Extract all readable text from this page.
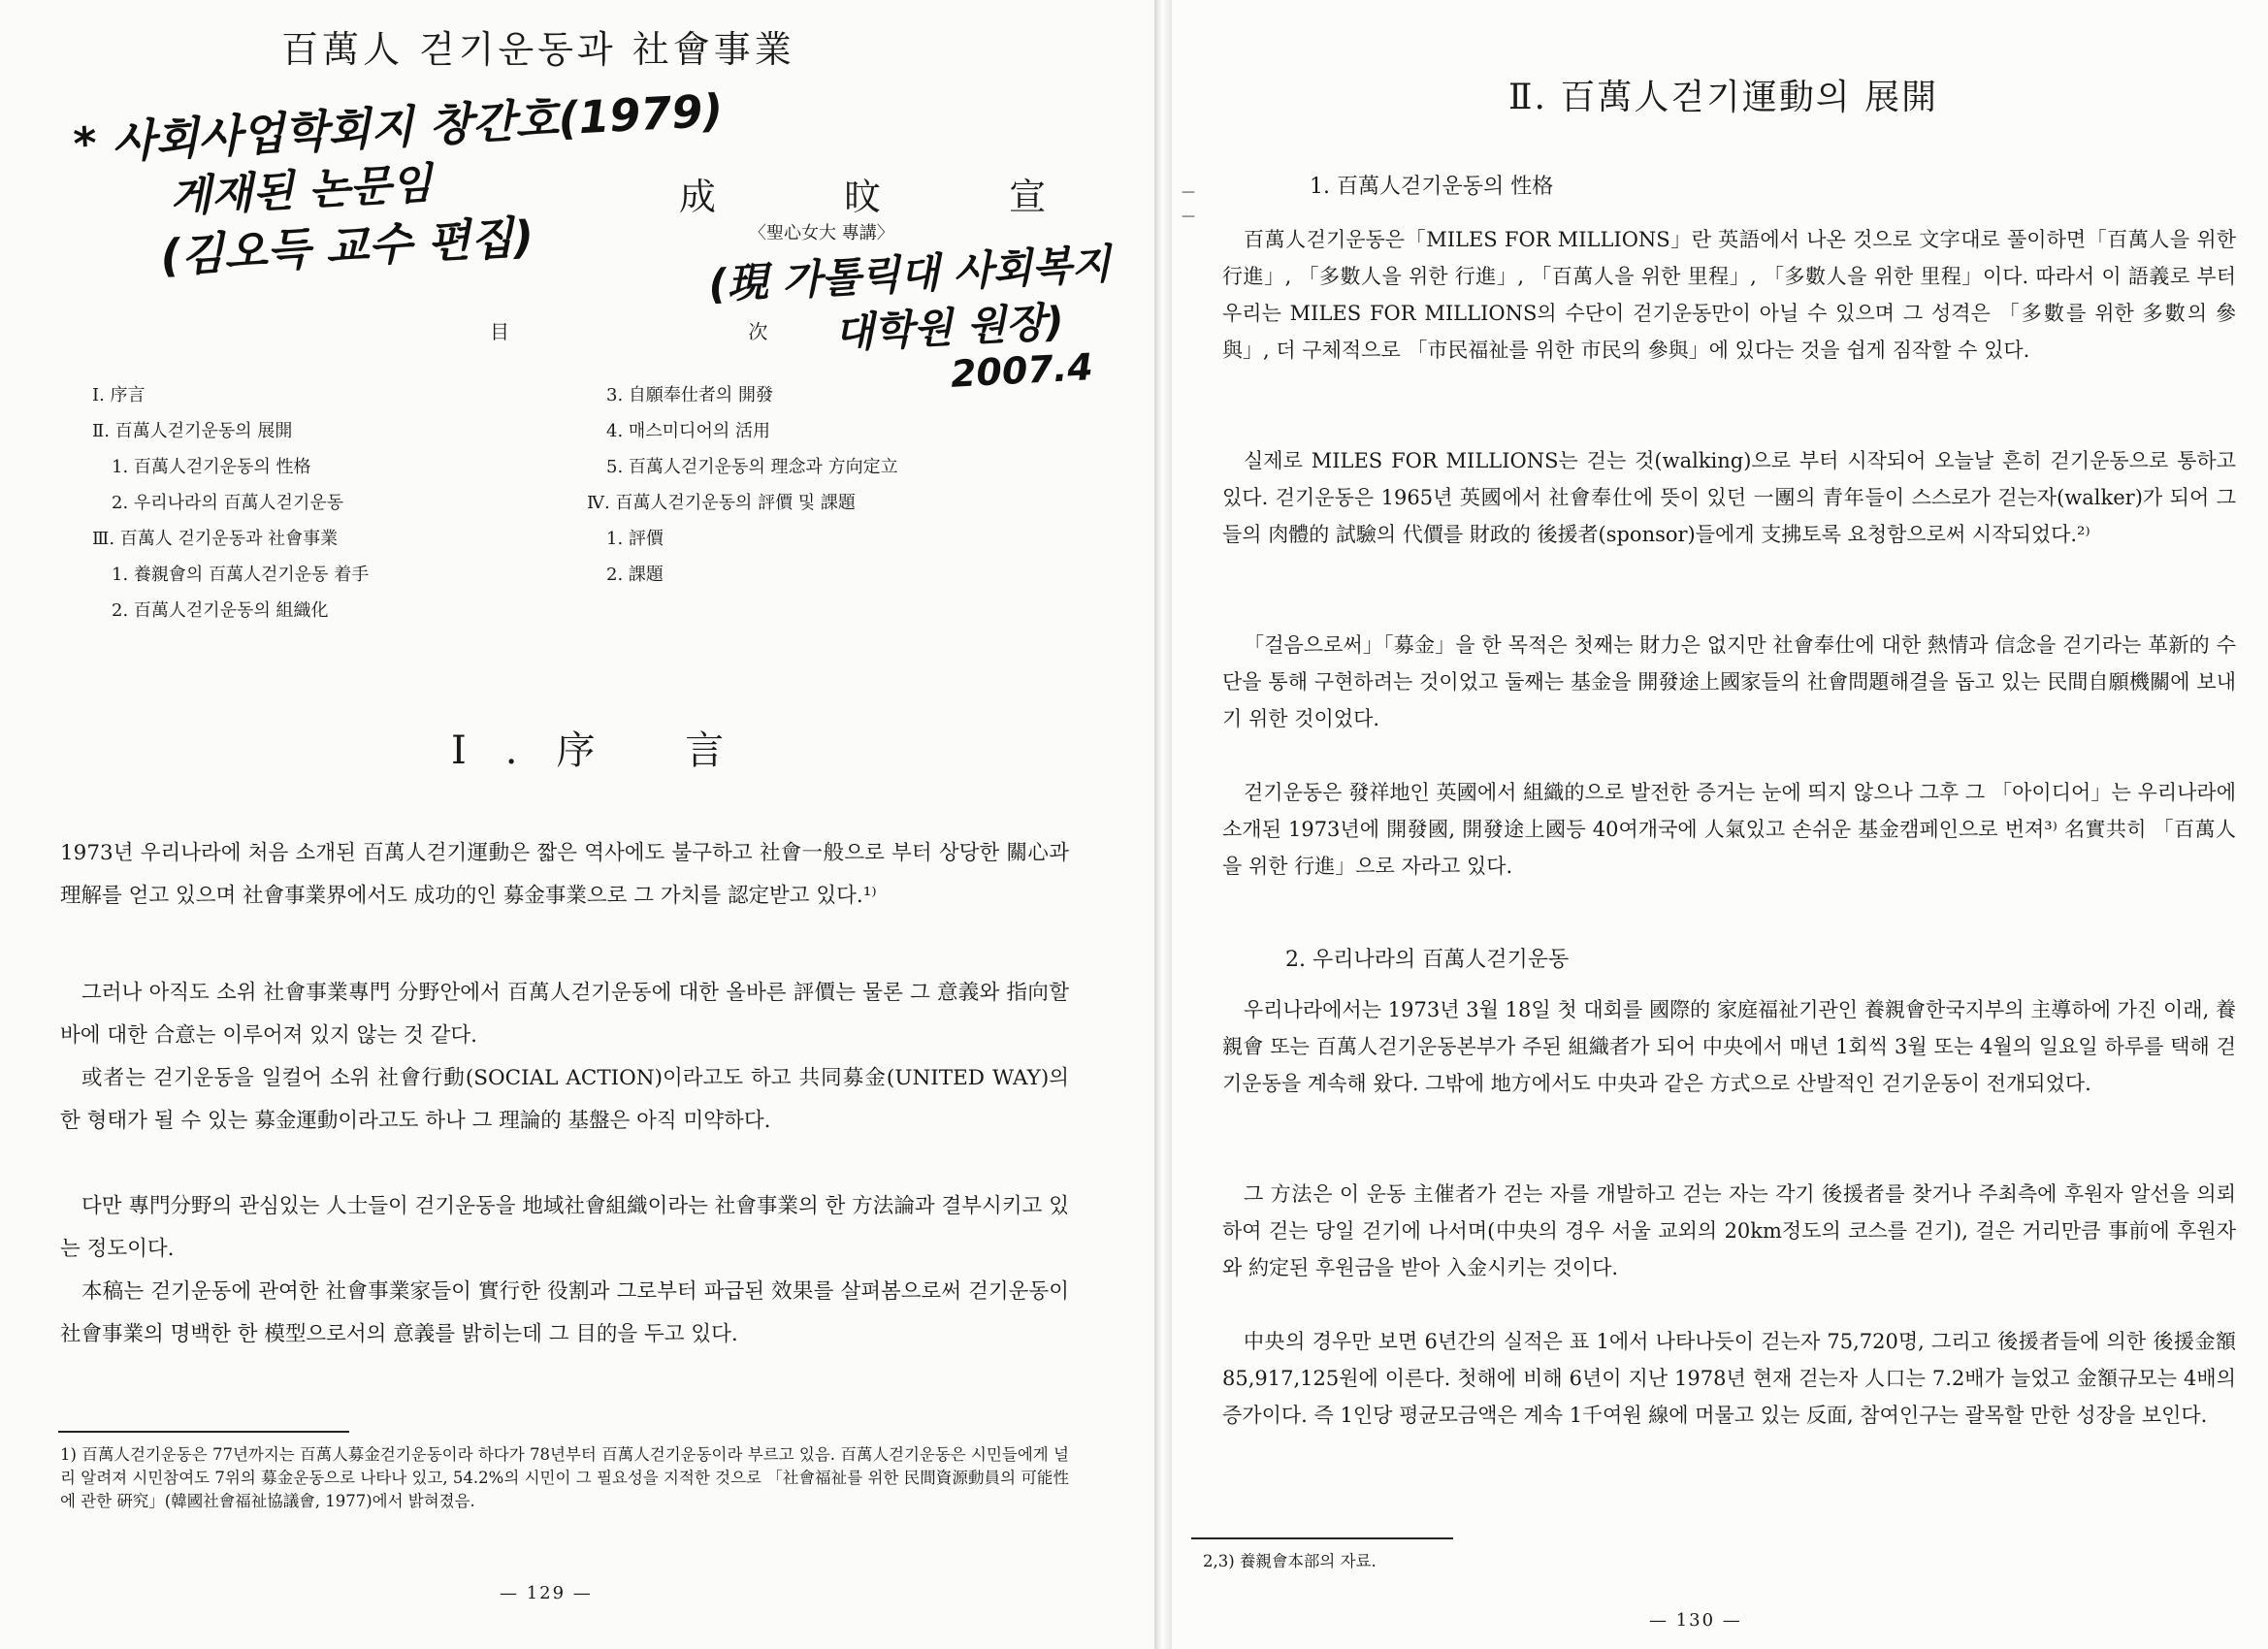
百萬人 걷기운동과 社會事業
* 사회사업학회지 창간호(1979)
게재된 논문임
(김오득 교수 편집)
成 旼 宣
〈聖心女大 專講〉
(現 가톨릭대 사회복지
대학원 원장)
2007.4
目 次
Ⅰ. 序言
Ⅱ. 百萬人걷기운동의 展開
1. 百萬人걷기운동의 性格
2. 우리나라의 百萬人걷기운동
Ⅲ. 百萬人 걷기운동과 社會事業
1. 養親會의 百萬人걷기운동 着手
2. 百萬人걷기운동의 組織化
3. 自願奉仕者의 開發
4. 매스미디어의 活用
5. 百萬人걷기운동의 理念과 方向定立
Ⅳ. 百萬人걷기운동의 評價 및 課題
1. 評價
2. 課題
Ⅰ.序 言
1973년 우리나라에 처음 소개된 百萬人걷기運動은 짧은 역사에도 불구하고 社會一般으로 부터 상당한 關心과 理解를 얻고 있으며 社會事業界에서도 成功的인 募金事業으로 그 가치를 認定받고 있다.¹⁾
그러나 아직도 소위 社會事業專門 分野안에서 百萬人걷기운동에 대한 올바른 評價는 물론 그 意義와 指向할 바에 대한 合意는 이루어져 있지 않는 것 같다.
或者는 걷기운동을 일컬어 소위 社會行動(SOCIAL ACTION)이라고도 하고 共同募金(UNITED WAY)의 한 형태가 될 수 있는 募金運動이라고도 하나 그 理論的 基盤은 아직 미약하다.
다만 專門分野의 관심있는 人士들이 걷기운동을 地域社會組織이라는 社會事業의 한 方法論과 결부시키고 있는 정도이다.
本稿는 걷기운동에 관여한 社會事業家들이 實行한 役割과 그로부터 파급된 效果를 살펴봄으로써 걷기운동이 社會事業의 명백한 한 模型으로서의 意義를 밝히는데 그 目的을 두고 있다.
1) 百萬人걷기운동은 77년까지는 百萬人募金걷기운동이라 하다가 78년부터 百萬人걷기운동이라 부르고 있음. 百萬人걷기운동은 시민들에게 널리 알려져 시민참여도 7위의 募金운동으로 나타나 있고, 54.2%의 시민이 그 필요성을 지적한 것으로 「社會福祉를 위한 民間資源動員의 可能性에 관한 硏究」(韓國社會福祉協議會, 1977)에서 밝혀졌음.
— 129 —
Ⅱ. 百萬人걷기運動의 展開
—
—
1. 百萬人걷기운동의 性格
百萬人걷기운동은「MILES FOR MILLIONS」란 英語에서 나온 것으로 文字대로 풀이하면「百萬人을 위한 行進」, 「多數人을 위한 行進」, 「百萬人을 위한 里程」, 「多數人을 위한 里程」이다. 따라서 이 語義로 부터 우리는 MILES FOR MILLIONS의 수단이 걷기운동만이 아닐 수 있으며 그 성격은 「多數를 위한 多數의 參與」, 더 구체적으로 「市民福祉를 위한 市民의 參與」에 있다는 것을 쉽게 짐작할 수 있다.
실제로 MILES FOR MILLIONS는 걷는 것(walking)으로 부터 시작되어 오늘날 흔히 걷기운동으로 통하고 있다. 걷기운동은 1965년 英國에서 社會奉仕에 뜻이 있던 一團의 青年들이 스스로가 걷는자(walker)가 되어 그들의 肉體的 試驗의 代價를 財政的 後援者(sponsor)들에게 支拂토록 요청함으로써 시작되었다.²⁾
「걸음으로써」「募金」을 한 목적은 첫째는 財力은 없지만 社會奉仕에 대한 熱情과 信念을 걷기라는 革新的 수단을 통해 구현하려는 것이었고 둘째는 基金을 開發途上國家들의 社會問題해결을 돕고 있는 民間自願機關에 보내기 위한 것이었다.
걷기운동은 發祥地인 英國에서 組織的으로 발전한 증거는 눈에 띄지 않으나 그후 그 「아이디어」는 우리나라에 소개된 1973년에 開發國, 開發途上國등 40여개국에 人氣있고 손쉬운 基金캠페인으로 번져³⁾ 名實共히 「百萬人을 위한 行進」으로 자라고 있다.
2. 우리나라의 百萬人걷기운동
우리나라에서는 1973년 3월 18일 첫 대회를 國際的 家庭福祉기관인 養親會한국지부의 主導하에 가진 이래, 養親會 또는 百萬人걷기운동본부가 주된 組織者가 되어 中央에서 매년 1회씩 3월 또는 4월의 일요일 하루를 택해 걷기운동을 계속해 왔다. 그밖에 地方에서도 中央과 같은 方式으로 산발적인 걷기운동이 전개되었다.
그 方法은 이 운동 主催者가 걷는 자를 개발하고 걷는 자는 각기 後援者를 찾거나 주최측에 후원자 알선을 의뢰하여 걷는 당일 걷기에 나서며(中央의 경우 서울 교외의 20km정도의 코스를 걷기), 걸은 거리만큼 事前에 후원자와 約定된 후원금을 받아 入金시키는 것이다.
中央의 경우만 보면 6년간의 실적은 표 1에서 나타나듯이 걷는자 75,720명, 그리고 後援者들에 의한 後援金額 85,917,125원에 이른다. 첫해에 비해 6년이 지난 1978년 현재 걷는자 人口는 7.2배가 늘었고 金額규모는 4배의 증가이다. 즉 1인당 평균모금액은 계속 1千여원 線에 머물고 있는 反面, 참여인구는 괄목할 만한 성장을 보인다.
2,3) 養親會本部의 자료.
— 130 —
